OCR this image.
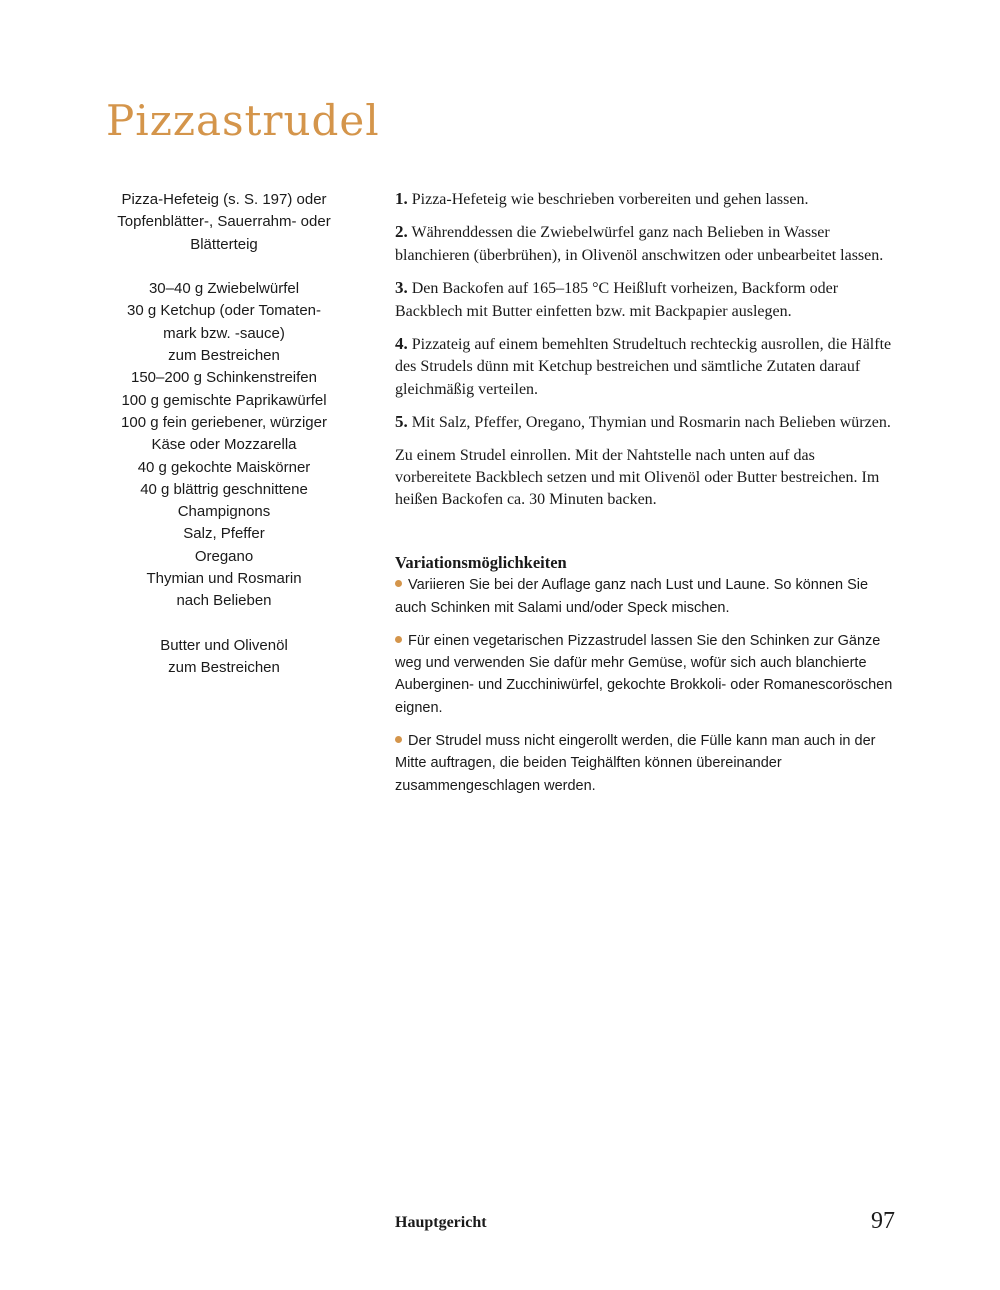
Pizzastrudel
Pizza-Hefeteig (s. S. 197) oder
Topfenblätter-, Sauerrahm- oder
Blätterteig
30–40 g Zwiebelwürfel
30 g Ketchup (oder Tomaten-
mark bzw. -sauce)
zum Bestreichen
150–200 g Schinkenstreifen
100 g gemischte Paprikawürfel
100 g fein geriebener, würziger
Käse oder Mozzarella
40 g gekochte Maiskörner
40 g blättrig geschnittene
Champignons
Salz, Pfeffer
Oregano
Thymian und Rosmarin
nach Belieben
Butter und Olivenöl
zum Bestreichen

1. Pizza-Hefeteig wie beschrieben vorbereiten und gehen lassen.

2. Währenddessen die Zwiebelwürfel ganz nach Belieben in Wasser blanchieren (überbrühen), in Olivenöl anschwitzen oder unbearbeitet lassen.

3. Den Backofen auf 165–185 °C Heißluft vorheizen, Backform oder Backblech mit Butter einfetten bzw. mit Backpapier auslegen.

4. Pizzateig auf einem bemehlten Strudeltuch rechteckig ausrollen, die Hälfte des Strudels dünn mit Ketchup bestreichen und sämtliche Zutaten darauf gleichmäßig verteilen.

5. Mit Salz, Pfeffer, Oregano, Thymian und Rosmarin nach Belieben würzen.

Zu einem Strudel einrollen. Mit der Nahtstelle nach unten auf das vorbereitete Backblech setzen und mit Olivenöl oder Butter bestreichen. Im heißen Backofen ca. 30 Minuten backen.

Variationsmöglichkeiten

Variieren Sie bei der Auflage ganz nach Lust und Laune. So können Sie auch Schinken mit Salami und/oder Speck mischen.

Für einen vegetarischen Pizzastrudel lassen Sie den Schinken zur Gänze weg und verwenden Sie dafür mehr Gemüse, wofür sich auch blanchierte Auberginen- und Zucchiniwürfel, gekochte Brokkoli- oder Romanescoröschen eignen.

Der Strudel muss nicht eingerollt werden, die Fülle kann man auch in der Mitte auftragen, die beiden Teighälften können übereinander zusammengeschlagen werden.

Hauptgericht	97
